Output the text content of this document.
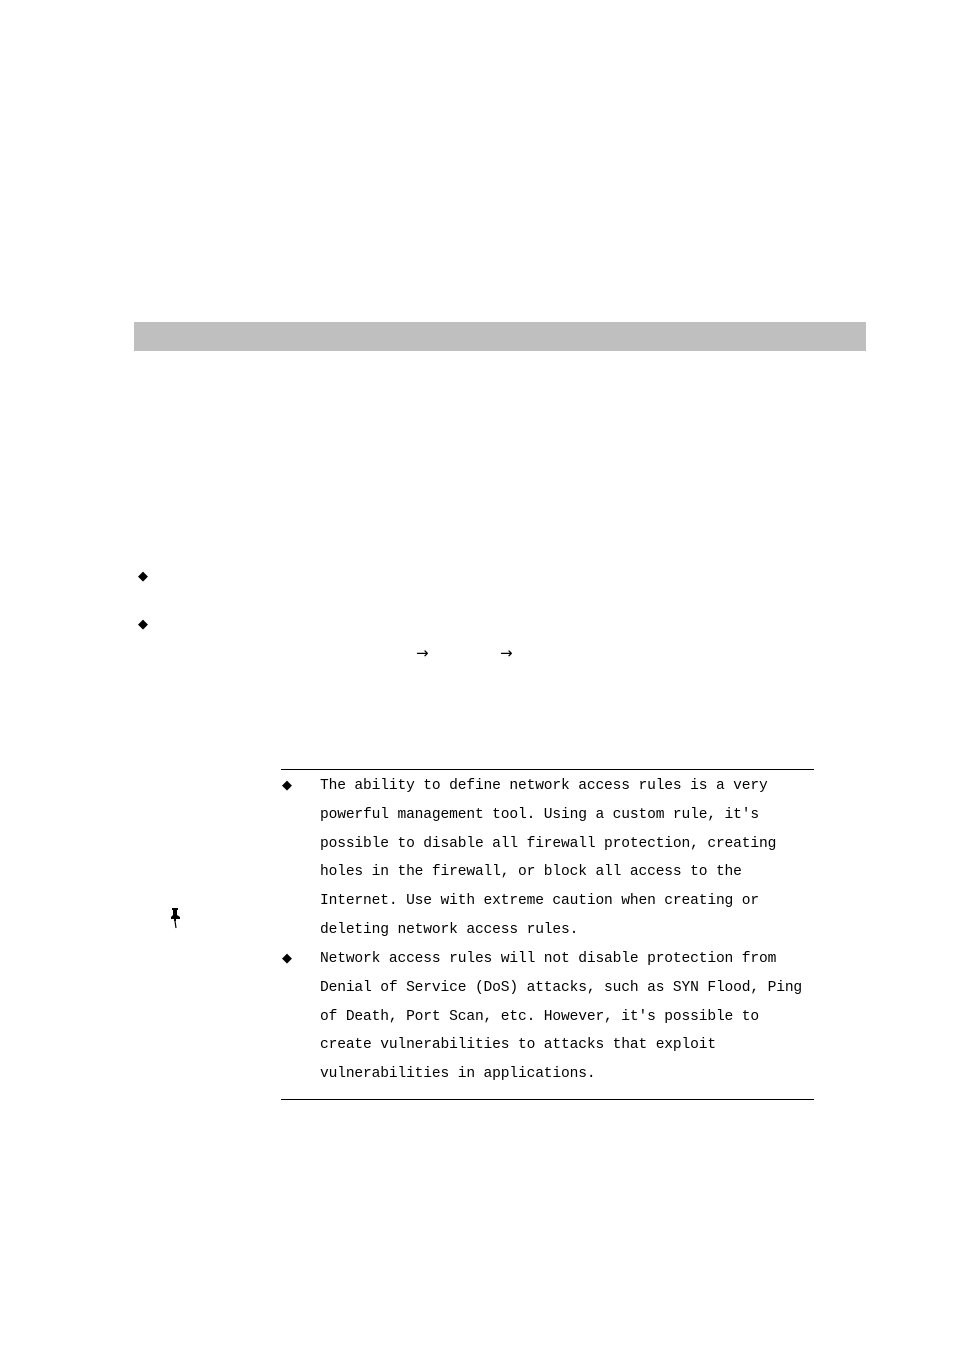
◆
◆
→	→
◆ The ability to define network access rules is a very
powerful management tool. Using a custom rule, it's
possible to disable all firewall protection, creating
holes in the firewall, or block all access to the
Internet. Use with extreme caution when creating or
deleting network access rules.

◆ Network access rules will not disable protection from
Denial of Service (DoS) attacks, such as SYN Flood, Ping
of Death, Port Scan, etc. However, it's possible to
create vulnerabilities to attacks that exploit
vulnerabilities in applications.
